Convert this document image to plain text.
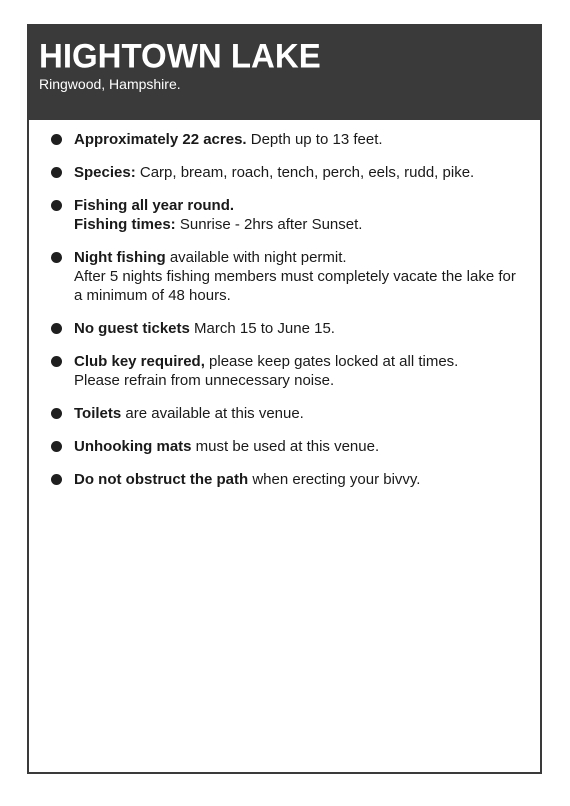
HIGHTOWN LAKE
Ringwood, Hampshire.
Approximately 22 acres. Depth up to 13 feet.
Species: Carp, bream, roach, tench, perch, eels, rudd, pike.
Fishing all year round.
Fishing times: Sunrise - 2hrs after Sunset.
Night fishing available with night permit.
After 5 nights fishing members must completely vacate the lake for a minimum of 48 hours.
No guest tickets March 15 to June 15.
Club key required, please keep gates locked at all times.
Please refrain from unnecessary noise.
Toilets are available at this venue.
Unhooking mats must be used at this venue.
Do not obstruct the path when erecting your bivvy.
